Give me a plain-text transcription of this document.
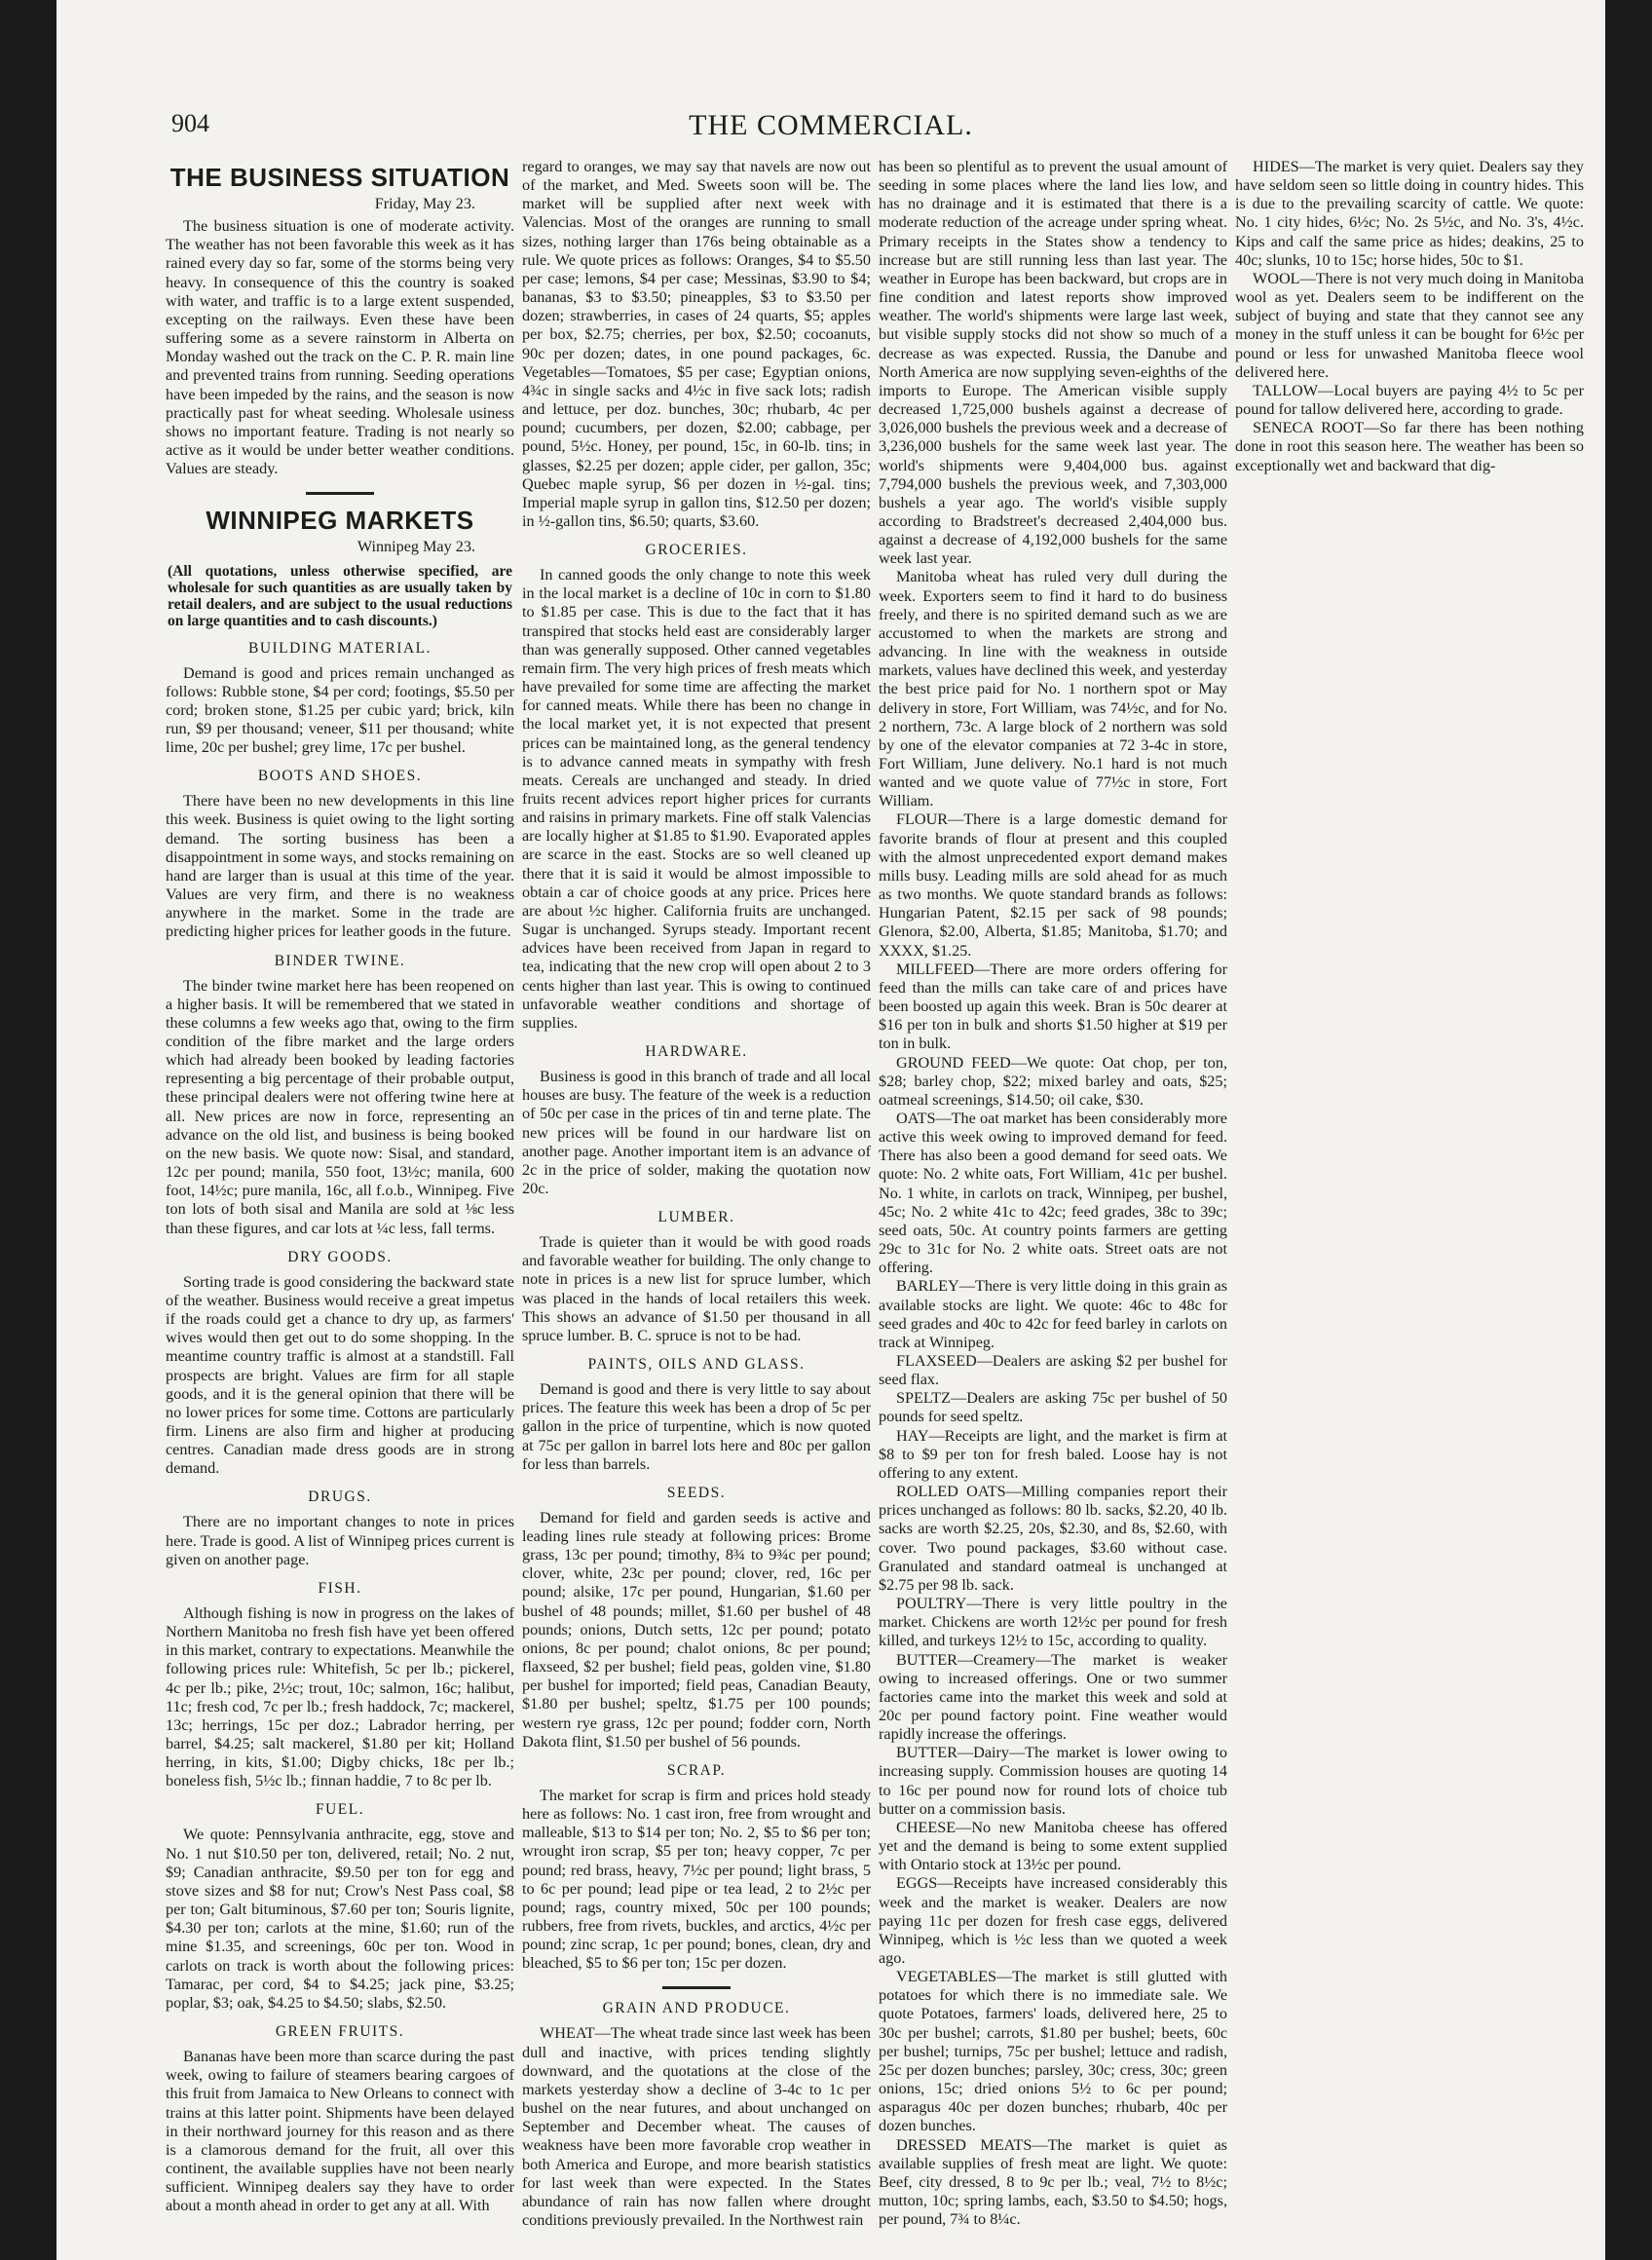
904	THE COMMERCIAL.
THE BUSINESS SITUATION

Friday, May 23.

The business situation is one of moderate activity. The weather has not been favorable this week as it has rained every day so far, some of the storms being very heavy. In consequence of this the country is soaked with water, and traffic is to a large extent suspended, excepting on the railways. Even these have been suffering some as a severe rainstorm in Alberta on Monday washed out the track on the C. P. R. main line and prevented trains from running. Seeding operations have been impeded by the rains, and the season is now practically past for wheat seeding. Wholesale usiness shows no important feature. Trading is not nearly so active as it would be under better weather conditions. Values are steady.

WINNIPEG MARKETS

Winnipeg May 23.

(All quotations, unless otherwise specified, are wholesale for such quantities as are usually taken by retail dealers, and are subject to the usual reductions on large quantities and to cash discounts.)

BUILDING MATERIAL.

Demand is good and prices remain unchanged as follows: Rubble stone, $4 per cord; footings, $5.50 per cord; broken stone, $1.25 per cubic yard; brick, kiln run, $9 per thousand; veneer, $11 per thousand; white lime, 20c per bushel; grey lime, 17c per bushel.

BOOTS AND SHOES.

There have been no new developments in this line this week. Business is quiet owing to the light sorting demand. The sorting business has been a disappointment in some ways, and stocks remaining on hand are larger than is usual at this time of the year. Values are very firm, and there is no weakness anywhere in the market. Some in the trade are predicting higher prices for leather goods in the future.

BINDER TWINE.

The binder twine market here has been reopened on a higher basis. It will be remembered that we stated in these columns a few weeks ago that, owing to the firm condition of the fibre market and the large orders which had already been booked by leading factories representing a big percentage of their probable output, these principal dealers were not offering twine here at all. New prices are now in force, representing an advance on the old list, and business is being booked on the new basis. We quote now: Sisal, and standard, 12c per pound; manila, 550 foot, 13½c; manila, 600 foot, 14½c; pure manila, 16c, all f.o.b., Winnipeg. Five ton lots of both sisal and Manila are sold at ⅛c less than these figures, and car lots at ¼c less, fall terms.

DRY GOODS.

Sorting trade is good considering the backward state of the weather. Business would receive a great impetus if the roads could get a chance to dry up, as farmers' wives would then get out to do some shopping. In the meantime country traffic is almost at a standstill. Fall prospects are bright. Values are firm for all staple goods, and it is the general opinion that there will be no lower prices for some time. Cottons are particularly firm. Linens are also firm and higher at producing centres. Canadian made dress goods are in strong demand.

DRUGS.

There are no important changes to note in prices here. Trade is good. A list of Winnipeg prices current is given on another page.

FISH.

Although fishing is now in progress on the lakes of Northern Manitoba no fresh fish have yet been offered in this market, contrary to expectations. Meanwhile the following prices rule: Whitefish, 5c per lb.; pickerel, 4c per lb.; pike, 2½c; trout, 10c; salmon, 16c; halibut, 11c; fresh cod, 7c per lb.; fresh haddock, 7c; mackerel, 13c; herrings, 15c per doz.; Labrador herring, per barrel, $4.25; salt mackerel, $1.80 per kit; Holland herring, in kits, $1.00; Digby chicks, 18c per lb.; boneless fish, 5½c lb.; finnan haddie, 7 to 8c per lb.

FUEL.

We quote: Pennsylvania anthracite, egg, stove and No. 1 nut $10.50 per ton, delivered, retail; No. 2 nut, $9; Canadian anthracite, $9.50 per ton for egg and stove sizes and $8 for nut; Crow's Nest Pass coal, $8 per ton; Galt bituminous, $7.60 per ton; Souris lignite, $4.30 per ton; carlots at the mine, $1.60; run of the mine $1.35, and screenings, 60c per ton. Wood in carlots on track is worth about the following prices: Tamarac, per cord, $4 to $4.25; jack pine, $3.25; poplar, $3; oak, $4.25 to $4.50; slabs, $2.50.

GREEN FRUITS.

Bananas have been more than scarce during the past week, owing to failure of steamers bearing cargoes of this fruit from Jamaica to New Orleans to connect with trains at this latter point. Shipments have been delayed in their northward journey for this reason and as there is a clamorous demand for the fruit, all over this continent, the available supplies have not been nearly sufficient. Winnipeg dealers say they have to order about a month ahead in order to get any at all. With

regard to oranges, we may say that navels are now out of the market, and Med. Sweets soon will be. The market will be supplied after next week with Valencias. Most of the oranges are running to small sizes, nothing larger than 176s being obtainable as a rule. We quote prices as follows: Oranges, $4 to $5.50 per case; lemons, $4 per case; Messinas, $3.90 to $4; bananas, $3 to $3.50; pineapples, $3 to $3.50 per dozen; strawberries, in cases of 24 quarts, $5; apples per box, $2.75; cherries, per box, $2.50; cocoanuts, 90c per dozen; dates, in one pound packages, 6c. Vegetables—Tomatoes, $5 per case; Egyptian onions, 4¾c in single sacks and 4½c in five sack lots; radish and lettuce, per doz. bunches, 30c; rhubarb, 4c per pound; cucumbers, per dozen, $2.00; cabbage, per pound, 5½c. Honey, per pound, 15c, in 60-lb. tins; in glasses, $2.25 per dozen; apple cider, per gallon, 35c; Quebec maple syrup, $6 per dozen in ½-gal. tins; Imperial maple syrup in gallon tins, $12.50 per dozen; in ½-gallon tins, $6.50; quarts, $3.60.

GROCERIES.

In canned goods the only change to note this week in the local market is a decline of 10c in corn to $1.80 to $1.85 per case. This is due to the fact that it has transpired that stocks held east are considerably larger than was generally supposed. Other canned vegetables remain firm. The very high prices of fresh meats which have prevailed for some time are affecting the market for canned meats. While there has been no change in the local market yet, it is not expected that present prices can be maintained long, as the general tendency is to advance canned meats in sympathy with fresh meats. Cereals are unchanged and steady. In dried fruits recent advices report higher prices for currants and raisins in primary markets. Fine off stalk Valencias are locally higher at $1.85 to $1.90. Evaporated apples are scarce in the east. Stocks are so well cleaned up there that it is said it would be almost impossible to obtain a car of choice goods at any price. Prices here are about ½c higher. California fruits are unchanged. Sugar is unchanged. Syrups steady. Important recent advices have been received from Japan in regard to tea, indicating that the new crop will open about 2 to 3 cents higher than last year. This is owing to continued unfavorable weather conditions and shortage of supplies.

HARDWARE.

Business is good in this branch of trade and all local houses are busy. The feature of the week is a reduction of 50c per case in the prices of tin and terne plate. The new prices will be found in our hardware list on another page. Another important item is an advance of 2c in the price of solder, making the quotation now 20c.

LUMBER.

Trade is quieter than it would be with good roads and favorable weather for building. The only change to note in prices is a new list for spruce lumber, which was placed in the hands of local retailers this week. This shows an advance of $1.50 per thousand in all spruce lumber. B. C. spruce is not to be had.

PAINTS, OILS AND GLASS.

Demand is good and there is very little to say about prices. The feature this week has been a drop of 5c per gallon in the price of turpentine, which is now quoted at 75c per gallon in barrel lots here and 80c per gallon for less than barrels.

SEEDS.

Demand for field and garden seeds is active and leading lines rule steady at following prices: Brome grass, 13c per pound; timothy, 8¾ to 9¾c per pound; clover, white, 23c per pound; clover, red, 16c per pound; alsike, 17c per pound, Hungarian, $1.60 per bushel of 48 pounds; millet, $1.60 per bushel of 48 pounds; onions, Dutch setts, 12c per pound; potato onions, 8c per pound; chalot onions, 8c per pound; flaxseed, $2 per bushel; field peas, golden vine, $1.80 per bushel for imported; field peas, Canadian Beauty, $1.80 per bushel; speltz, $1.75 per 100 pounds; western rye grass, 12c per pound; fodder corn, North Dakota flint, $1.50 per bushel of 56 pounds.

SCRAP.

The market for scrap is firm and prices hold steady here as follows: No. 1 cast iron, free from wrought and malleable, $13 to $14 per ton; No. 2, $5 to $6 per ton; wrought iron scrap, $5 per ton; heavy copper, 7c per pound; red brass, heavy, 7½c per pound; light brass, 5 to 6c per pound; lead pipe or tea lead, 2 to 2½c per pound; rags, country mixed, 50c per 100 pounds; rubbers, free from rivets, buckles, and arctics, 4½c per pound; zinc scrap, 1c per pound; bones, clean, dry and bleached, $5 to $6 per ton; 15c per dozen.

GRAIN AND PRODUCE.

WHEAT—The wheat trade since last week has been dull and inactive, with prices tending slightly downward, and the quotations at the close of the markets yesterday show a decline of 3-4c to 1c per bushel on the near futures, and about unchanged on September and December wheat. The causes of weakness have been more favorable crop weather in both America and Europe, and more bearish statistics for last week than were expected. In the States abundance of rain has now fallen where drought conditions previously prevailed. In the Northwest rain

has been so plentiful as to prevent the usual amount of seeding in some places where the land lies low, and has no drainage and it is estimated that there is a moderate reduction of the acreage under spring wheat. Primary receipts in the States show a tendency to increase but are still running less than last year. The weather in Europe has been backward, but crops are in fine condition and latest reports show improved weather. The world's shipments were large last week, but visible supply stocks did not show so much of a decrease as was expected. Russia, the Danube and North America are now supplying seven-eighths of the imports to Europe. The American visible supply decreased 1,725,000 bushels against a decrease of 3,026,000 bushels the previous week and a decrease of 3,236,000 bushels for the same week last year. The world's shipments were 9,404,000 bus. against 7,794,000 bushels the previous week, and 7,303,000 bushels a year ago. The world's visible supply according to Bradstreet's decreased 2,404,000 bus. against a decrease of 4,192,000 bushels for the same week last year.

Manitoba wheat has ruled very dull during the week. Exporters seem to find it hard to do business freely, and there is no spirited demand such as we are accustomed to when the markets are strong and advancing. In line with the weakness in outside markets, values have declined this week, and yesterday the best price paid for No. 1 northern spot or May delivery in store, Fort William, was 74½c, and for No. 2 northern, 73c. A large block of 2 northern was sold by one of the elevator companies at 72 3-4c in store, Fort William, June delivery. No.1 hard is not much wanted and we quote value of 77½c in store, Fort William.

FLOUR—There is a large domestic demand for favorite brands of flour at present and this coupled with the almost unprecedented export demand makes mills busy. Leading mills are sold ahead for as much as two months. We quote standard brands as follows: Hungarian Patent, $2.15 per sack of 98 pounds; Glenora, $2.00, Alberta, $1.85; Manitoba, $1.70; and XXXX, $1.25.

MILLFEED—There are more orders offering for feed than the mills can take care of and prices have been boosted up again this week. Bran is 50c dearer at $16 per ton in bulk and shorts $1.50 higher at $19 per ton in bulk.

GROUND FEED—We quote: Oat chop, per ton, $28; barley chop, $22; mixed barley and oats, $25; oatmeal screenings, $14.50; oil cake, $30.

OATS—The oat market has been considerably more active this week owing to improved demand for feed. There has also been a good demand for seed oats. We quote: No. 2 white oats, Fort William, 41c per bushel. No. 1 white, in carlots on track, Winnipeg, per bushel, 45c; No. 2 white 41c to 42c; feed grades, 38c to 39c; seed oats, 50c. At country points farmers are getting 29c to 31c for No. 2 white oats. Street oats are not offering.

BARLEY—There is very little doing in this grain as available stocks are light. We quote: 46c to 48c for seed grades and 40c to 42c for feed barley in carlots on track at Winnipeg.

FLAXSEED—Dealers are asking $2 per bushel for seed flax.

SPELTZ—Dealers are asking 75c per bushel of 50 pounds for seed speltz.

HAY—Receipts are light, and the market is firm at $8 to $9 per ton for fresh baled. Loose hay is not offering to any extent.

ROLLED OATS—Milling companies report their prices unchanged as follows: 80 lb. sacks, $2.20, 40 lb. sacks are worth $2.25, 20s, $2.30, and 8s, $2.60, with cover. Two pound packages, $3.60 without case. Granulated and standard oatmeal is unchanged at $2.75 per 98 lb. sack.

POULTRY—There is very little poultry in the market. Chickens are worth 12½c per pound for fresh killed, and turkeys 12½ to 15c, according to quality.

BUTTER—Creamery—The market is weaker owing to increased offerings. One or two summer factories came into the market this week and sold at 20c per pound factory point. Fine weather would rapidly increase the offerings.

BUTTER—Dairy—The market is lower owing to increasing supply. Commission houses are quoting 14 to 16c per pound now for round lots of choice tub butter on a commission basis.

CHEESE—No new Manitoba cheese has offered yet and the demand is being to some extent supplied with Ontario stock at 13½c per pound.

EGGS—Receipts have increased considerably this week and the market is weaker. Dealers are now paying 11c per dozen for fresh case eggs, delivered Winnipeg, which is ½c less than we quoted a week ago.

VEGETABLES—The market is still glutted with potatoes for which there is no immediate sale. We quote Potatoes, farmers' loads, delivered here, 25 to 30c per bushel; carrots, $1.80 per bushel; beets, 60c per bushel; turnips, 75c per bushel; lettuce and radish, 25c per dozen bunches; parsley, 30c; cress, 30c; green onions, 15c; dried onions 5½ to 6c per pound; asparagus 40c per dozen bunches; rhubarb, 40c per dozen bunches.

DRESSED MEATS—The market is quiet as available supplies of fresh meat are light. We quote: Beef, city dressed, 8 to 9c per lb.; veal, 7½ to 8½c; mutton, 10c; spring lambs, each, $3.50 to $4.50; hogs, per pound, 7¾ to 8¼c.

HIDES—The market is very quiet. Dealers say they have seldom seen so little doing in country hides. This is due to the prevailing scarcity of cattle. We quote: No. 1 city hides, 6½c; No. 2s 5½c, and No. 3's, 4½c. Kips and calf the same price as hides; deakins, 25 to 40c; slunks, 10 to 15c; horse hides, 50c to $1.

WOOL—There is not very much doing in Manitoba wool as yet. Dealers seem to be indifferent on the subject of buying and state that they cannot see any money in the stuff unless it can be bought for 6½c per pound or less for unwashed Manitoba fleece wool delivered here.

TALLOW—Local buyers are paying 4½ to 5c per pound for tallow delivered here, according to grade.

SENECA ROOT—So far there has been nothing done in root this season here. The weather has been so exceptionally wet and backward that dig-
